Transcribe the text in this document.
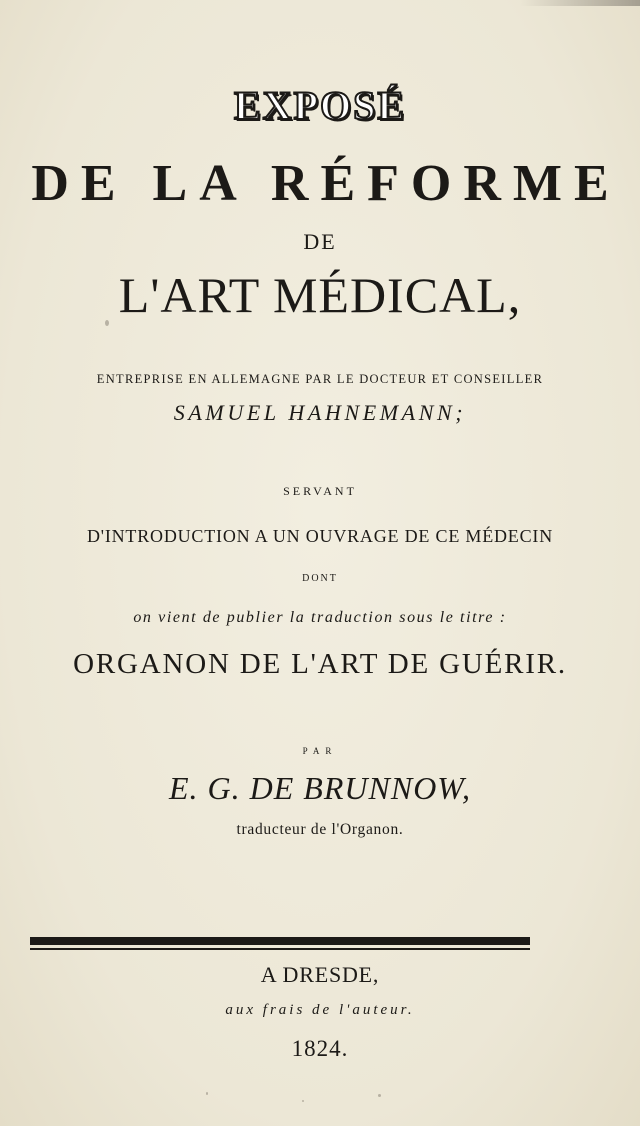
EXPOSÉ
DE LA RÉFORME
DE
L'ART MÉDICAL,
ENTREPRISE EN ALLEMAGNE PAR LE DOCTEUR ET CONSEILLER
SAMUEL HAHNEMANN;
SERVANT
D'INTRODUCTION A UN OUVRAGE DE CE MÉDECIN
DONT
on vient de publier la traduction sous le titre :
ORGANON DE L'ART DE GUÉRIR.
PAR
E. G. DE BRUNNOW,
traducteur de l'Organon.
A DRESDE,
aux frais de l'auteur.
1824.
